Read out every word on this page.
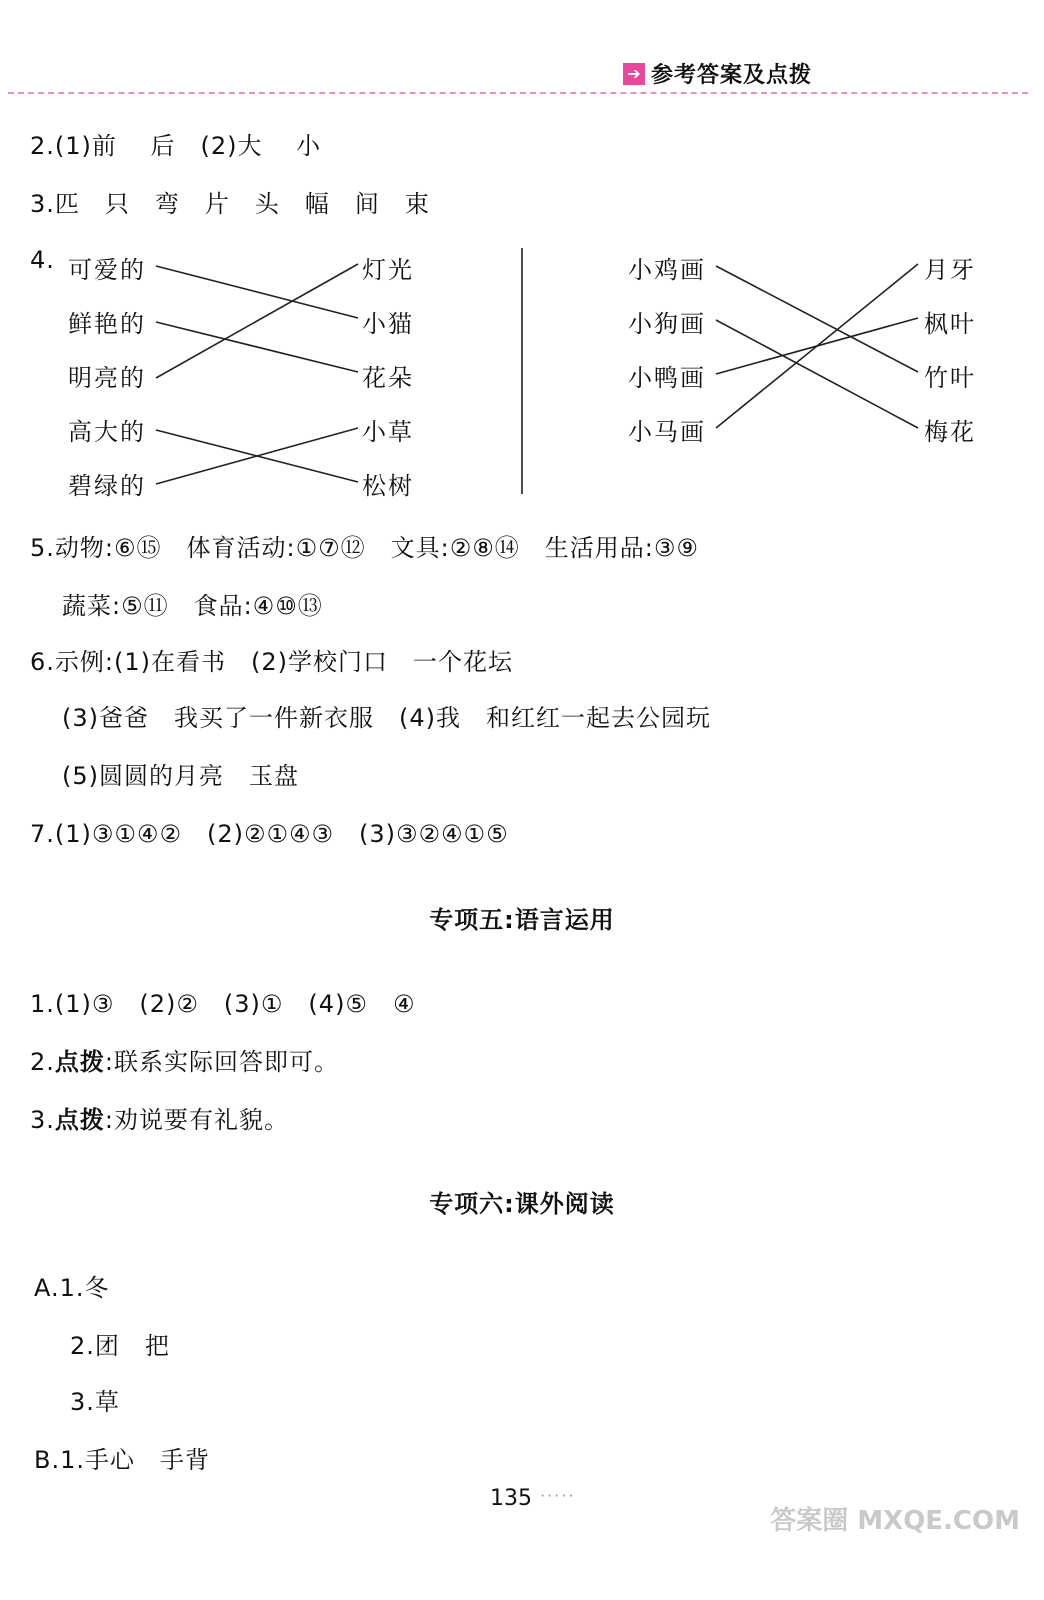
➔ 参考答案及点拨
2.(1)前　 后　(2)大　 小
3.匹　只　弯　片　头　幅　间　束
4. 可爱的
鲜艳的
明亮的
高大的
碧绿的
灯光
小猫
花朵
小草
松树
小鸡画
小狗画
小鸭画
小马画
月牙
枫叶
竹叶
梅花
5.动物:⑥⑮　体育活动:①⑦⑫　文具:②⑧⑭　生活用品:③⑨
蔬菜:⑤⑪　食品:④⑩⑬
6.示例:(1)在看书　(2)学校门口　一个花坛
(3)爸爸　我买了一件新衣服　(4)我　和红红一起去公园玩
(5)圆圆的月亮　玉盘
7.(1)③①④②　(2)②①④③　(3)③②④①⑤
专项五:语言运用
1.(1)③　(2)②　(3)①　(4)⑤　④
2.点拨:联系实际回答即可。
3.点拨:劝说要有礼貌。
专项六:课外阅读
A.1.冬
2.团　把
3.草
B.1.手心　手背
135 ·····
答案圈 MXQE.COM
